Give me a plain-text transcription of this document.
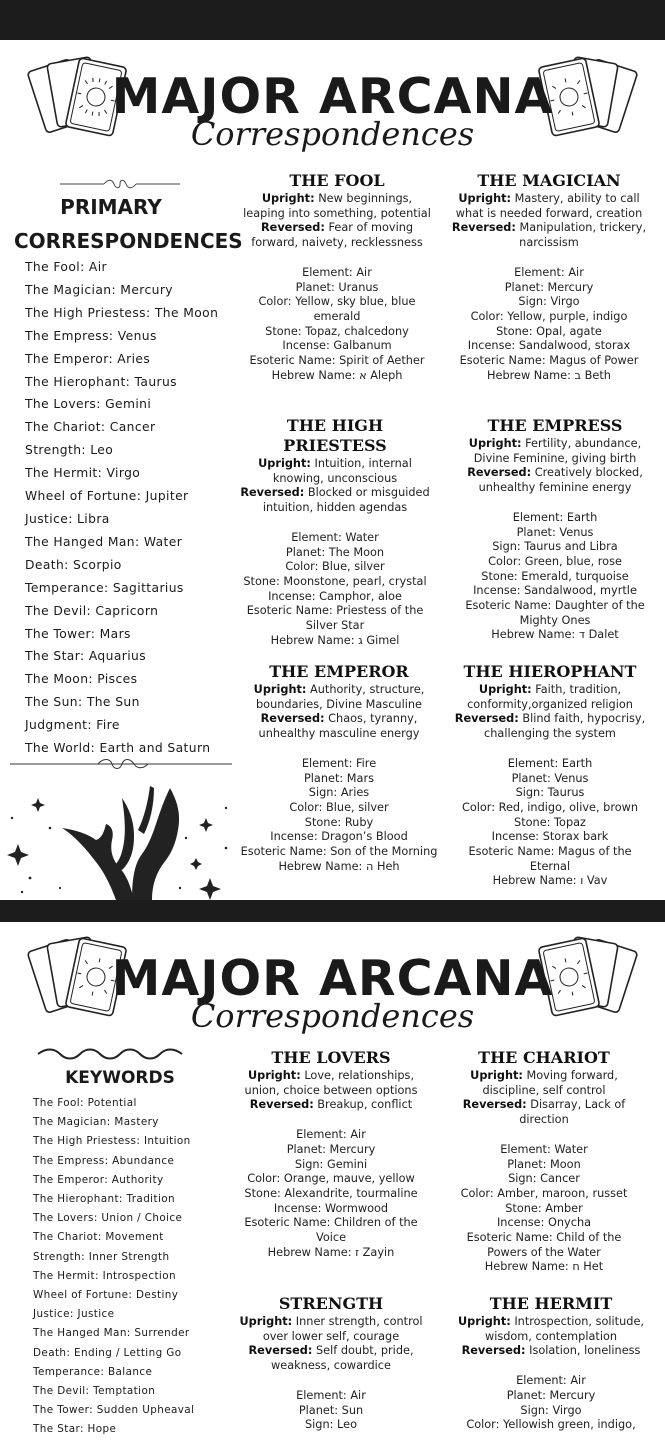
MAJOR ARCANA
Correspondences
PRIMARY
CORRESPONDENCES
The Fool: Air
The Magician: Mercury
The High Priestess: The Moon
The Empress: Venus
The Emperor: Aries
The Hierophant: Taurus
The Lovers: Gemini
The Chariot: Cancer
Strength: Leo
The Hermit: Virgo
Wheel of Fortune: Jupiter
Justice: Libra
The Hanged Man: Water
Death: Scorpio
Temperance: Sagittarius
The Devil: Capricorn
The Tower: Mars
The Star: Aquarius
The Moon: Pisces
The Sun: The Sun
Judgment: Fire
The World: Earth and Saturn
THE FOOL

Upright: New beginnings, leaping into something, potential

Reversed: Fear of moving forward, naivety, recklessness

Element: Air

Planet: Uranus

Color: Yellow, sky blue, blue emerald

Stone: Topaz, chalcedony

Incense: Galbanum

Esoteric Name: Spirit of Aether

Hebrew Name: א Aleph

THE MAGICIAN

Upright: Mastery, ability to call what is needed forward, creation

Reversed: Manipulation, trickery, narcissism

Element: Air

Planet: Mercury

Sign: Virgo

Color: Yellow, purple, indigo

Stone: Opal, agate

Incense: Sandalwood, storax

Esoteric Name: Magus of Power

Hebrew Name: ב Beth

THE HIGH PRIESTESS

Upright: Intuition, internal knowing, unconscious

Reversed: Blocked or misguided intuition, hidden agendas

Element: Water

Planet: The Moon

Color: Blue, silver

Stone: Moonstone, pearl, crystal

Incense: Camphor, aloe

Esoteric Name: Priestess of the Silver Star

Hebrew Name: ג Gimel

THE EMPRESS

Upright: Fertility, abundance, Divine Feminine, giving birth

Reversed: Creatively blocked, unhealthy feminine energy

Element: Earth

Planet: Venus

Sign: Taurus and Libra

Color: Green, blue, rose

Stone: Emerald, turquoise

Incense: Sandalwood, myrtle

Esoteric Name: Daughter of the Mighty Ones

Hebrew Name: ד Dalet

THE EMPEROR

Upright: Authority, structure, boundaries, Divine Masculine

Reversed: Chaos, tyranny, unhealthy masculine energy

Element: Fire

Planet: Mars

Sign: Aries

Color: Blue, silver

Stone: Ruby

Incense: Dragon’s Blood

Esoteric Name: Son of the Morning

Hebrew Name: ה Heh

THE HIEROPHANT

Upright: Faith, tradition, conformity,organized religion

Reversed: Blind faith, hypocrisy, challenging the system

Element: Earth

Planet: Venus

Sign: Taurus

Color: Red, indigo, olive, brown

Stone: Topaz

Incense: Storax bark

Esoteric Name: Magus of the Eternal

Hebrew Name: ו Vav

MAJOR ARCANA
Correspondences
KEYWORDS
The Fool: Potential
The Magician: Mastery
The High Priestess: Intuition
The Empress: Abundance
The Emperor: Authority
The Hierophant: Tradition
The Lovers: Union / Choice
The Chariot: Movement
Strength: Inner Strength
The Hermit: Introspection
Wheel of Fortune: Destiny
Justice: Justice
The Hanged Man: Surrender
Death: Ending / Letting Go
Temperance: Balance
The Devil: Temptation
The Tower: Sudden Upheaval
The Star: Hope
THE LOVERS

Upright: Love, relationships, union, choice between options

Reversed: Breakup, conflict

Element: Air

Planet: Mercury

Sign: Gemini

Color: Orange, mauve, yellow

Stone: Alexandrite, tourmaline

Incense: Wormwood

Esoteric Name: Children of the Voice

Hebrew Name: ז Zayin

THE CHARIOT

Upright: Moving forward, discipline, self control

Reversed: Disarray, Lack of direction

Element: Water

Planet: Moon

Sign: Cancer

Color: Amber, maroon, russet

Stone: Amber

Incense: Onycha

Esoteric Name: Child of the Powers of the Water

Hebrew Name: ח Het

STRENGTH

Upright: Inner strength, control over lower self, courage

Reversed: Self doubt, pride, weakness, cowardice

Element: Air

Planet: Sun

Sign: Leo

THE HERMIT

Upright: Introspection, solitude, wisdom, contemplation

Reversed: Isolation, loneliness

Element: Air

Planet: Mercury

Sign: Virgo

Color: Yellowish green, indigo,
